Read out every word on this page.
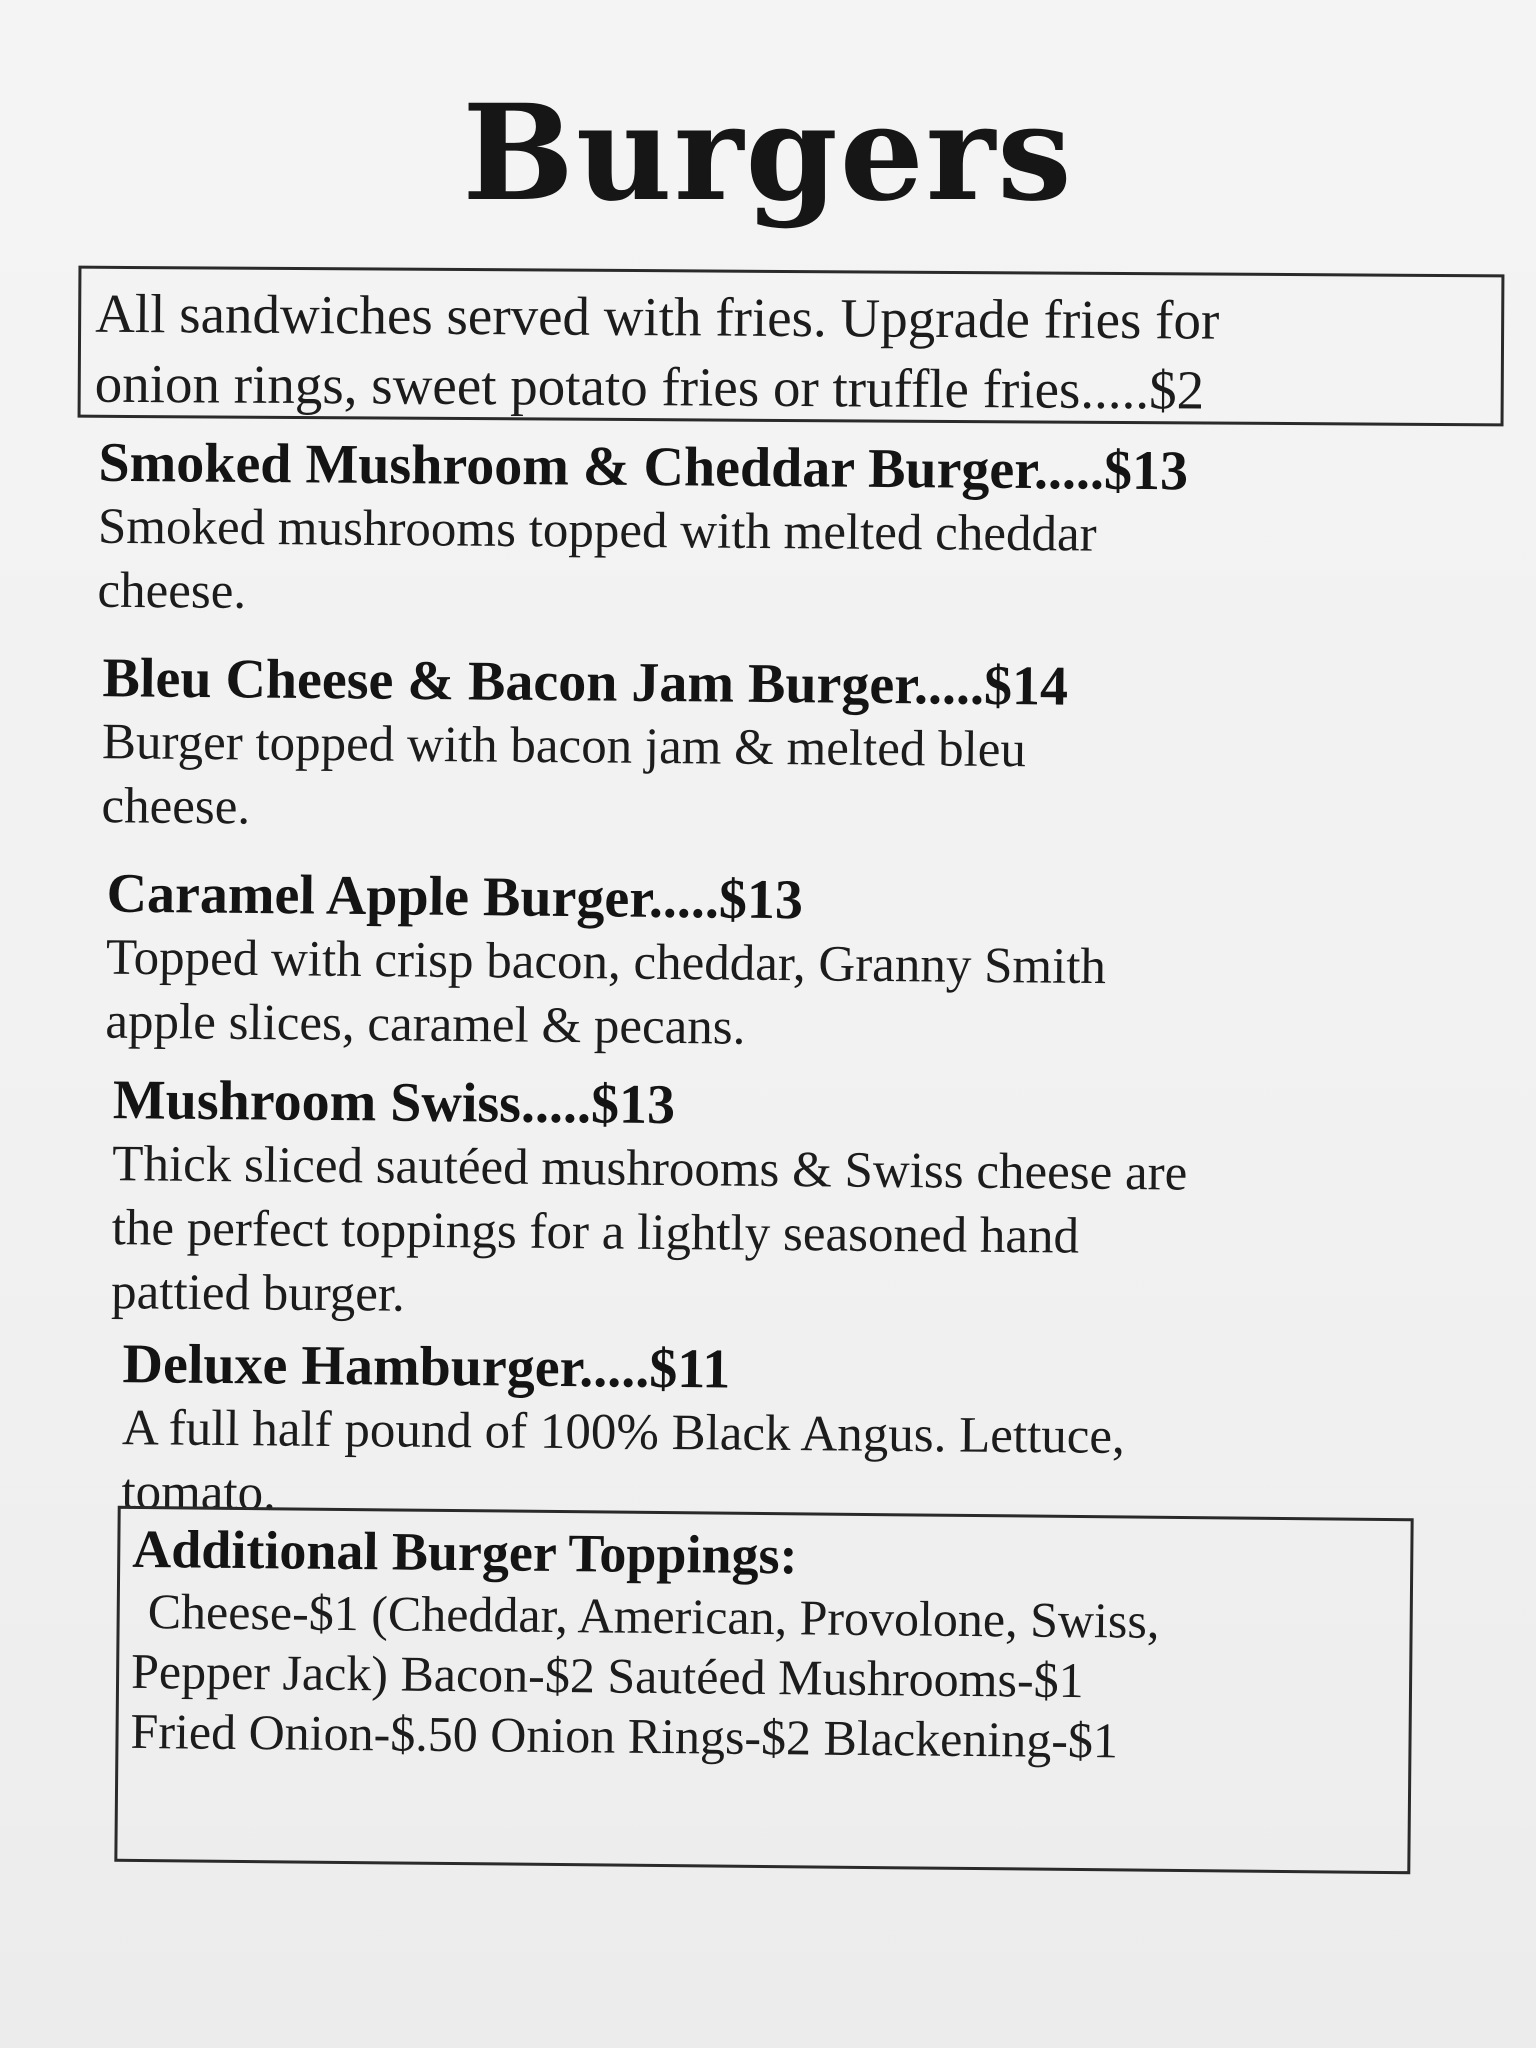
Burgers
All sandwiches served with fries. Upgrade fries for
onion rings, sweet potato fries or truffle fries.....$2
Smoked Mushroom & Cheddar Burger.....$13
Smoked mushrooms topped with melted cheddar
cheese.
Bleu Cheese & Bacon Jam Burger.....$14
Burger topped with bacon jam & melted bleu
cheese.
Caramel Apple Burger.....$13
Topped with crisp bacon, cheddar, Granny Smith
apple slices, caramel & pecans.
Mushroom Swiss.....$13
Thick sliced sautéed mushrooms & Swiss cheese are
the perfect toppings for a lightly seasoned hand
pattied burger.
Deluxe Hamburger.....$11
A full half pound of 100% Black Angus. Lettuce,
tomato.
Additional Burger Toppings:
Cheese-$1 (Cheddar, American, Provolone, Swiss,
Pepper Jack) Bacon-$2 Sautéed Mushrooms-$1
Fried Onion-$.50 Onion Rings-$2 Blackening-$1
